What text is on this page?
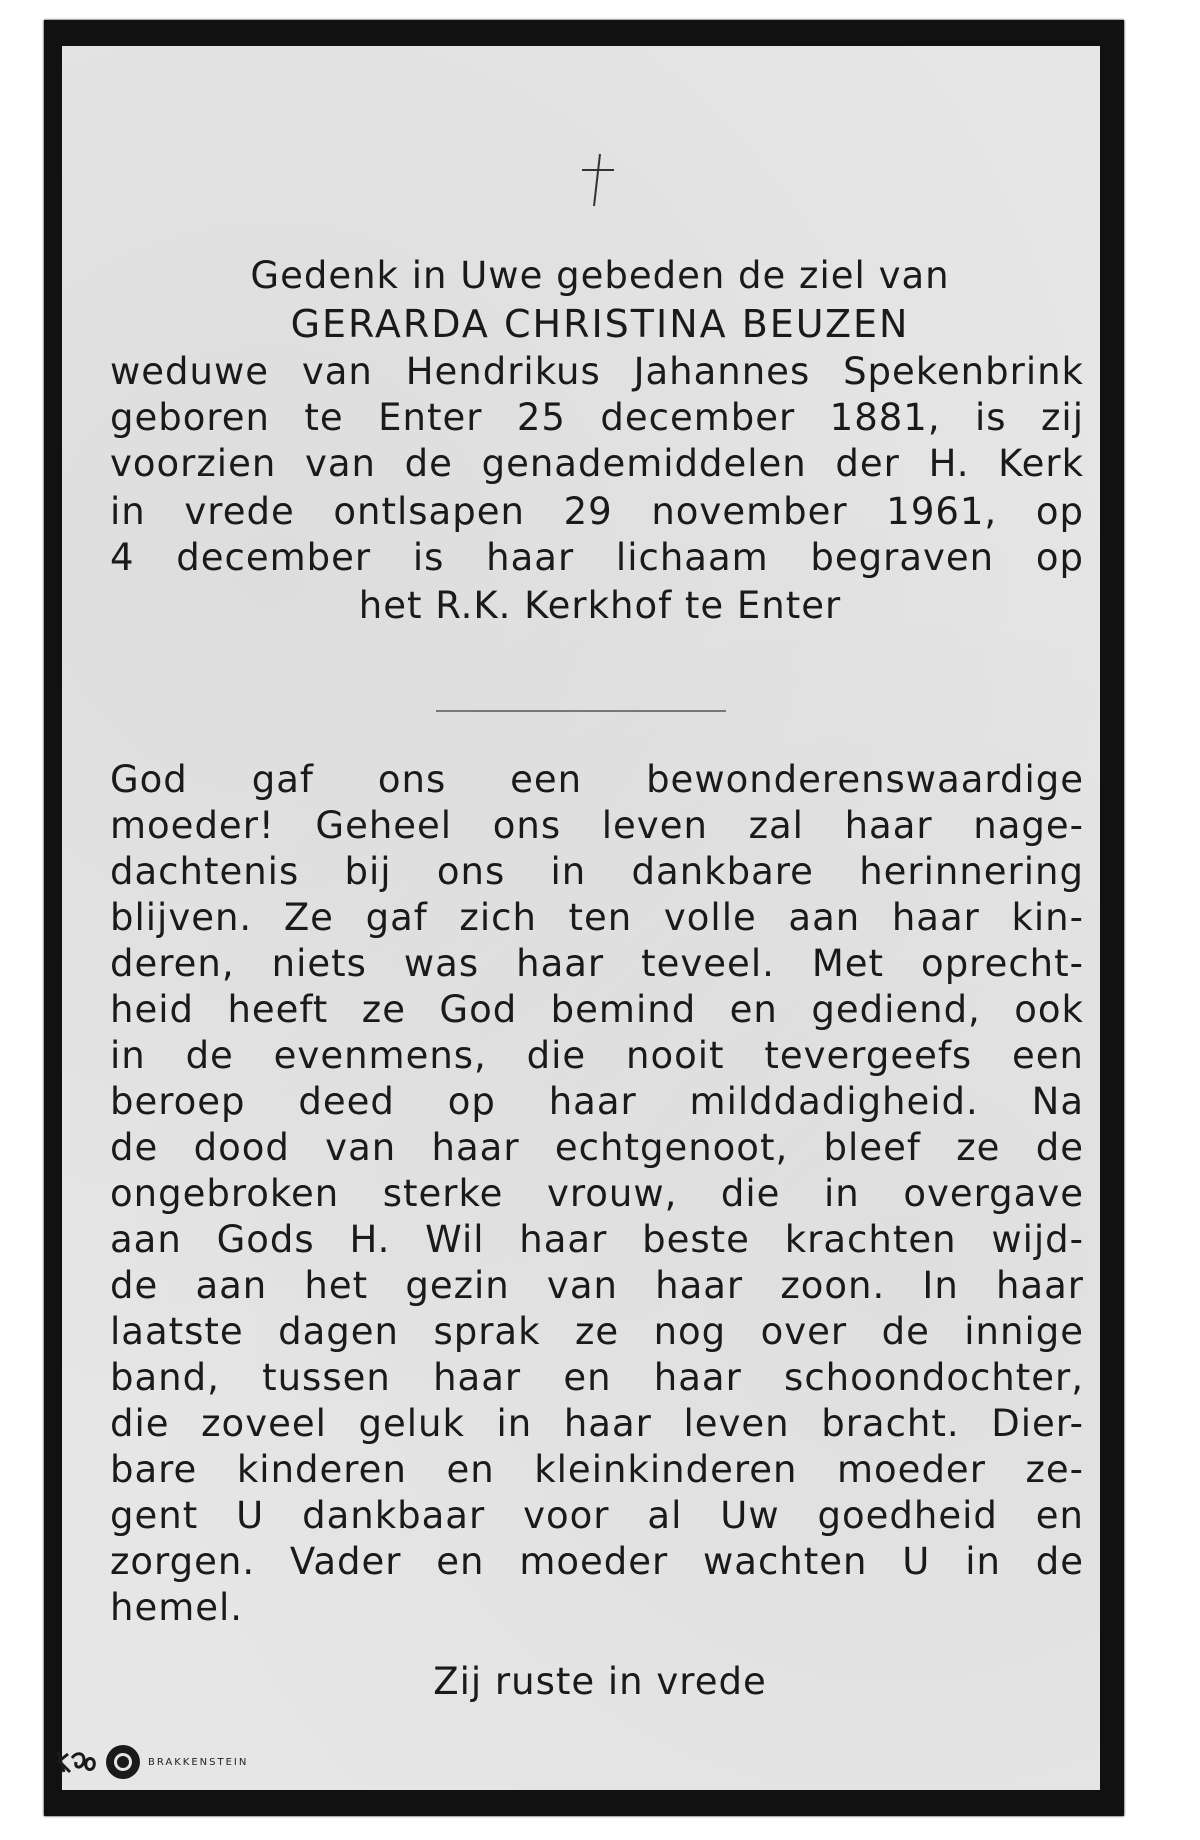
Gedenk in Uwe gebeden de ziel van

GERARDA CHRISTINA BEUZEN

weduwe van Hendrikus Jahannes Spekenbrink

geboren te Enter 25 december 1881, is zij

voorzien van de genademiddelen der H. Kerk

in vrede ontlsapen 29 november 1961, op

4 december is haar lichaam begraven op

het R.K. Kerkhof te Enter

God gaf ons een bewonderenswaardige

moeder! Geheel ons leven zal haar nage-

dachtenis bij ons in dankbare herinnering

blijven. Ze gaf zich ten volle aan haar kin-

deren, niets was haar teveel. Met oprecht-

heid heeft ze God bemind en gediend, ook

in de evenmens, die nooit tevergeefs een

beroep deed op haar milddadigheid. Na

de dood van haar echtgenoot, bleef ze de

ongebroken sterke vrouw, die in overgave

aan Gods H. Wil haar beste krachten wijd-

de aan het gezin van haar zoon. In haar

laatste dagen sprak ze nog over de innige

band, tussen haar en haar schoondochter,

die zoveel geluk in haar leven bracht. Dier-

bare kinderen en kleinkinderen moeder ze-

gent U dankbaar voor al Uw goedheid en

zorgen. Vader en moeder wachten U in de

hemel.

Zij ruste in vrede

BRAKKENSTEIN
